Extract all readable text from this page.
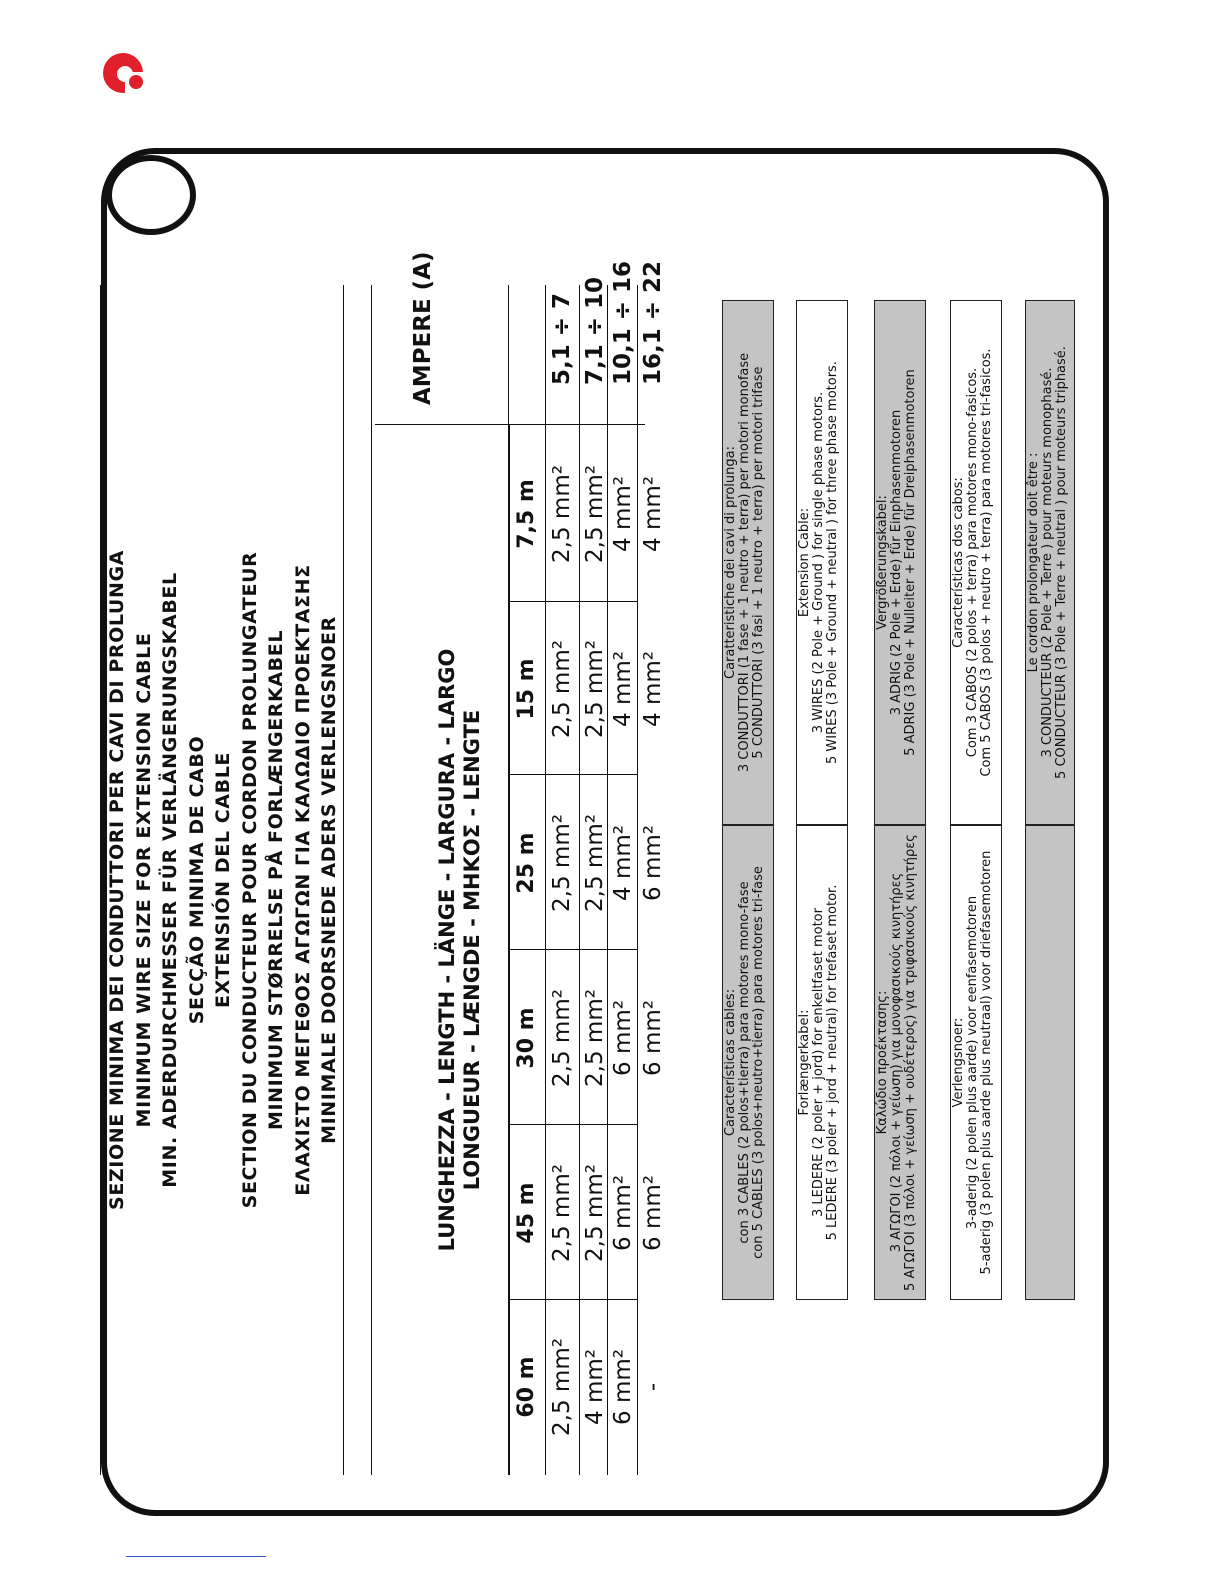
SEZIONE MINIMA DEI CONDUTTORI PER CAVI DI PROLUNGA MINIMUM WIRE SIZE FOR EXTENSION CABLE MIN. ADERDURCHMESSER FÜR VERLÄNGERUNGSKABEL SECÇÃO MINIMA DE CABO EXTENSIÓN DEL CABLE SECTION DU CONDUCTEUR POUR CORDON PROLUNGATEUR MINIMUM STØRRELSE PÅ FORLÆNGERKABEL ΕΛΑΧΙΣΤΟ ΜΕΓΕΘΟΣ ΑΓΩΓΩΝ ΓΙΑ ΚΑΛΩΔΙΟ ΠΡΟΕΚΤΑΣΗΣ MINIMALE DOORSNEDE ADERS VERLENGSNOER
AMPERE (A)
LUNGHEZZA - LENGTH - LÄNGE - LARGURA - LARGO LONGUEUR - LÆNGDE - ΜΗΚΟΣ - LENGTE
7,5 m
15 m
25 m
30 m
45 m
60 m
5,1 ÷ 7
2,5 mm²
2,5 mm²
2,5 mm²
2,5 mm²
2,5 mm²
2,5 mm²
7,1 ÷ 10
2,5 mm²
2,5 mm²
2,5 mm²
2,5 mm²
2,5 mm²
4 mm²
10,1 ÷ 16
4 mm²
4 mm²
4 mm²
6 mm²
6 mm²
6 mm²
16,1 ÷ 22
4 mm²
4 mm²
6 mm²
6 mm²
6 mm²
-
Caratteristiche dei cavi di prolunga: 3 CONDUTTORI (1 fase + 1 neutro + terra) per motori monofase 5 CONDUTTORI (3 fasi + 1 neutro + terra) per motori trifase
Características cables: con 3 CABLES (2 polos+tierra) para motores mono-fase con 5 CABLES (3 polos+neutro+tierra) para motores tri-fase
Extension Cable: 3 WIRES (2 Pole + Ground ) for single phase motors. 5 WIRES (3 Pole + Ground + neutral ) for three phase motors.
Forlængerkabel: 3 LEDERE (2 poler + jord) for enkeltfaset motor 5 LEDERE (3 poler + jord + neutral) for trefaset motor.
Vergrößerungskabel: 3 ADRIG (2 Pole + Erde) für Einphasenmotoren 5 ADRIG (3 Pole + Nulleiter + Erde) für Dreiphasenmotoren
Καλώδιο προέκτασης: 3 ΑΓΩΓΟΙ (2 πόλοι + γείωση) για μονοφασικούς κινητήρες 5 ΑΓΩΓΟΙ (3 πόλοι + γείωση + ουδέτερος) για τριφασικούς κινητήρες
Características dos cabos: Com 3 CABOS (2 polos + terra) para motores mono-fasicos. Com 5 CABOS (3 polos + neutro + terra) para motores tri-fasicos.
Verlengsnoer: 3-aderig (2 polen plus aarde) voor eenfasemotoren 5-aderig (3 polen plus aarde plus neutraal) voor driefasemotoren
Le cordon prolongateur doit être : 3 CONDUCTEUR (2 Pole + Terre ) pour moteurs monophasé. 5 CONDUCTEUR (3 Pole + Terre + neutral ) pour moteurs triphasé.
